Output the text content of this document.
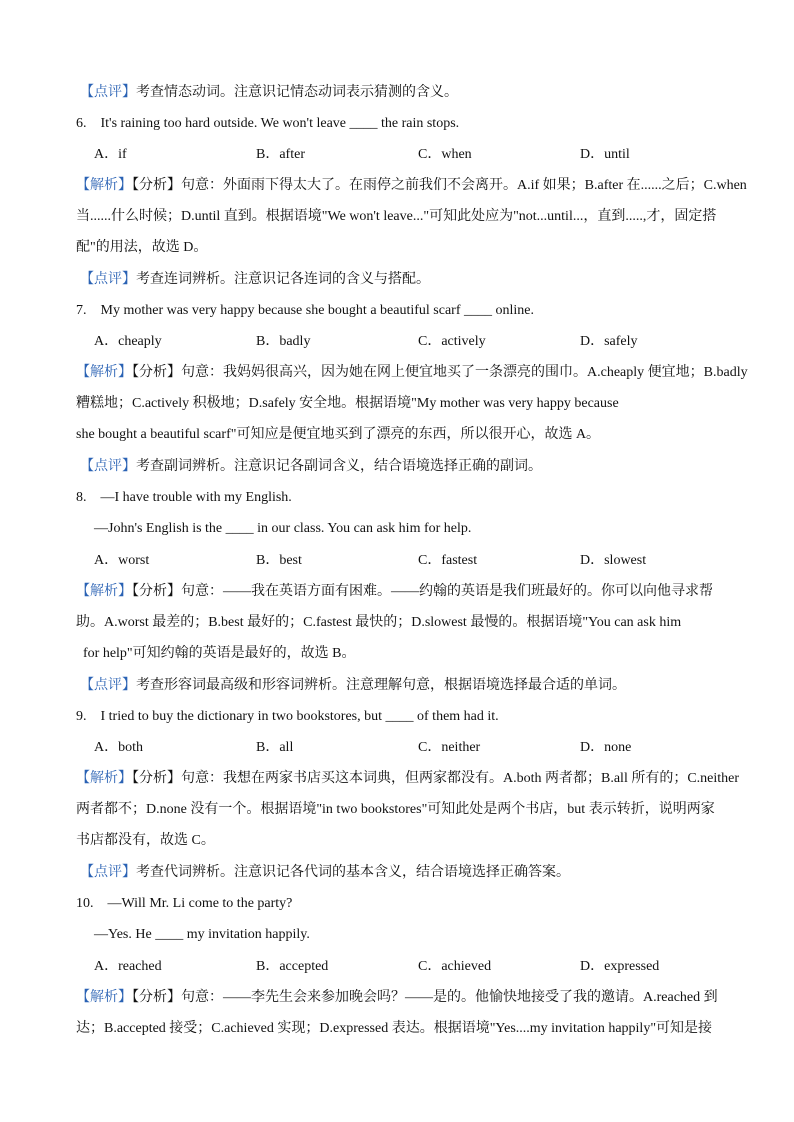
【点评】考查情态动词。注意识记情态动词表示猜测的含义。
6. It's raining too hard outside. We won't leave ____ the rain stops.
A．if	B．after	C．when	D．until
【解析】【分析】句意：外面雨下得太大了。在雨停之前我们不会离开。A.if 如果；B.after 在......之后；C.when
当......什么时候；D.until 直到。根据语境"We won't leave..."可知此处应为"not...until...，直到.....,才，固定搭
配"的用法，故选 D。
【点评】考查连词辨析。注意识记各连词的含义与搭配。
7. My mother was very happy because she bought a beautiful scarf ____ online.
A．cheaply	B．badly	C．actively	D．safely
【解析】【分析】句意：我妈妈很高兴，因为她在网上便宜地买了一条漂亮的围巾。A.cheaply 便宜地；B.badly
糟糕地；C.actively 积极地；D.safely 安全地。根据语境"My mother was very happy because
she bought a beautiful scarf"可知应是便宜地买到了漂亮的东西，所以很开心，故选 A。
【点评】考查副词辨析。注意识记各副词含义，结合语境选择正确的副词。
8. —I have trouble with my English.
—John's English is the ____ in our class. You can ask him for help.
A．worst	B．best	C．fastest	D．slowest
【解析】【分析】句意：——我在英语方面有困难。——约翰的英语是我们班最好的。你可以向他寻求帮
助。A.worst 最差的；B.best 最好的；C.fastest 最快的；D.slowest 最慢的。根据语境"You can ask him
for help"可知约翰的英语是最好的，故选 B。
【点评】考查形容词最高级和形容词辨析。注意理解句意，根据语境选择最合适的单词。
9. I tried to buy the dictionary in two bookstores, but ____ of them had it.
A．both	B．all	C．neither	D．none
【解析】【分析】句意：我想在两家书店买这本词典，但两家都没有。A.both 两者都；B.all 所有的；C.neither
两者都不；D.none 没有一个。根据语境"in two bookstores"可知此处是两个书店，but 表示转折，说明两家
书店都没有，故选 C。
【点评】考查代词辨析。注意识记各代词的基本含义，结合语境选择正确答案。
10. —Will Mr. Li come to the party?
—Yes. He ____ my invitation happily.
A．reached	B．accepted	C．achieved	D．expressed
【解析】【分析】句意：——李先生会来参加晚会吗？——是的。他愉快地接受了我的邀请。A.reached 到
达；B.accepted 接受；C.achieved 实现；D.expressed 表达。根据语境"Yes....my invitation happily"可知是接
